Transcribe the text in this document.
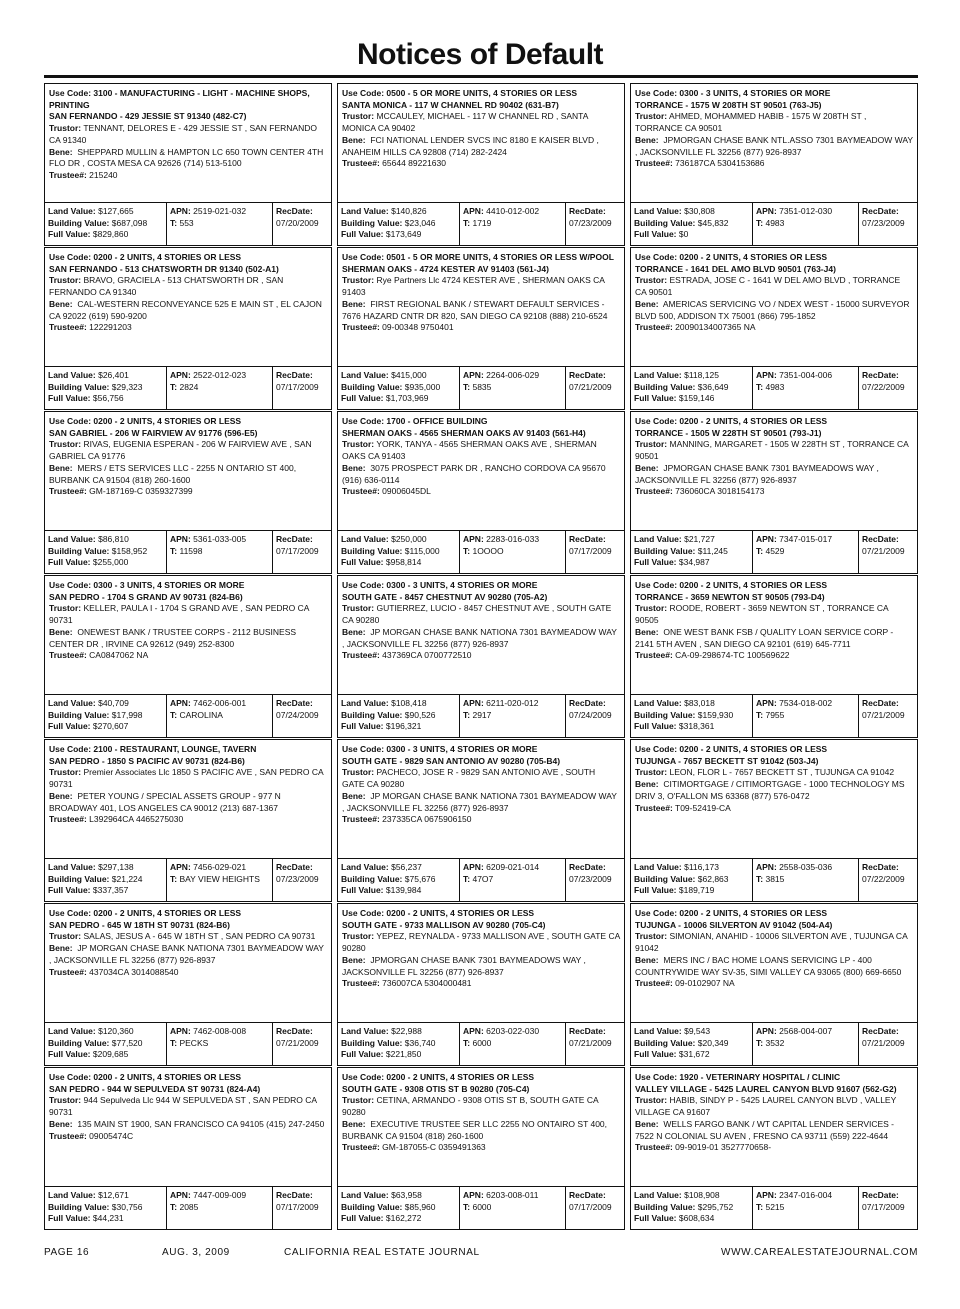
Notices of Default
Use Code: 3100 - MANUFACTURING - LIGHT - MACHINE SHOPS, PRINTING
SAN FERNANDO - 429 JESSIE ST 91340 (482-C7)
Trustor: TENNANT, DELORES E - 429 JESSIE ST , SAN FERNANDO CA 91340
Bene: SHEPPARD MULLIN & HAMPTON LC 650 TOWN CENTER 4TH FLO DR , COSTA MESA CA 92626 (714) 513-5100
Trustee#: 215240
Land Value: $127,665
Building Value: $687,098
Full Value: $829,860
APN: 2519-021-032
T: 553
RecDate:
07/20/2009
Use Code: 0500 - 5 OR MORE UNITS, 4 STORIES OR LESS
SANTA MONICA - 117 W CHANNEL RD 90402 (631-B7)
Trustor: MCCAULEY, MICHAEL - 117 W CHANNEL RD , SANTA MONICA CA 90402
Bene: FCI NATIONAL LENDER SVCS INC 8180 E KAISER BLVD , ANAHEIM HILLS CA 92808 (714) 282-2424
Trustee#: 65644 89221630
Land Value: $140,826
Building Value: $23,046
Full Value: $173,649
APN: 4410-012-002
T: 1719
RecDate:
07/23/2009
Use Code: 0300 - 3 UNITS, 4 STORIES OR MORE
TORRANCE - 1575 W 208TH ST 90501 (763-J5)
Trustor: AHMED, MOHAMMED HABIB - 1575 W 208TH ST , TORRANCE CA 90501
Bene: JPMORGAN CHASE BANK NTL.ASSO 7301 BAYMEADOW WAY , JACKSONVILLE FL 32256 (877) 926-8937
Trustee#: 736187CA 5304153686
Land Value: $30,808
Building Value: $45,832
Full Value: $0
APN: 7351-012-030
T: 4983
RecDate:
07/23/2009
Use Code: 0200 - 2 UNITS, 4 STORIES OR LESS
SAN FERNANDO - 513 CHATSWORTH DR 91340 (502-A1)
Trustor: BRAVO, GRACIELA - 513 CHATSWORTH DR , SAN FERNANDO CA 91340
Bene: CAL-WESTERN RECONVEYANCE 525 E MAIN ST , EL CAJON CA 92022 (619) 590-9200
Trustee#: 122291203
Land Value: $26,401
Building Value: $29,323
Full Value: $56,756
APN: 2522-012-023
T: 2824
RecDate:
07/17/2009
Use Code: 0501 - 5 OR MORE UNITS, 4 STORIES OR LESS W/POOL
SHERMAN OAKS - 4724 KESTER AV 91403 (561-J4)
Trustor: Rye Partners Llc 4724 KESTER AVE , SHERMAN OAKS CA 91403
Bene: FIRST REGIONAL BANK / STEWART DEFAULT SERVICES - 7676 HAZARD CNTR DR 820, SAN DIEGO CA 92108 (888) 210-6524
Trustee#: 09-00348 9750401
Land Value: $415,000
Building Value: $935,000
Full Value: $1,703,969
APN: 2264-006-029
T: 5835
RecDate:
07/21/2009
Use Code: 0200 - 2 UNITS, 4 STORIES OR LESS
TORRANCE - 1641 DEL AMO BLVD 90501 (763-J4)
Trustor: ESTRADA, JOSE C - 1641 W DEL AMO BLVD , TORRANCE CA 90501
Bene: AMERICAS SERVICING VO / NDEX WEST - 15000 SURVEYOR BLVD 500, ADDISON TX 75001 (866) 795-1852
Trustee#: 20090134007365 NA
Land Value: $118,125
Building Value: $36,649
Full Value: $159,146
APN: 7351-004-006
T: 4983
RecDate:
07/22/2009
Use Code: 0200 - 2 UNITS, 4 STORIES OR LESS
SAN GABRIEL - 206 W FAIRVIEW AV 91776 (596-E5)
Trustor: RIVAS, EUGENIA ESPERAN - 206 W FAIRVIEW AVE , SAN GABRIEL CA 91776
Bene: MERS / ETS SERVICES LLC - 2255 N ONTARIO ST 400, BURBANK CA 91504 (818) 260-1600
Trustee#: GM-187169-C 0359327399
Land Value: $86,810
Building Value: $158,952
Full Value: $255,000
APN: 5361-033-005
T: 11598
RecDate:
07/17/2009
Use Code: 1700 - OFFICE BUILDING
SHERMAN OAKS - 4565 SHERMAN OAKS AV 91403 (561-H4)
Trustor: YORK, TANYA - 4565 SHERMAN OAKS AVE , SHERMAN OAKS CA 91403
Bene: 3075 PROSPECT PARK DR , RANCHO CORDOVA CA 95670 (916) 636-0114
Trustee#: 09006045DL
Land Value: $250,000
Building Value: $115,000
Full Value: $958,814
APN: 2283-016-033
T: 1OOOO
RecDate:
07/17/2009
Use Code: 0200 - 2 UNITS, 4 STORIES OR LESS
TORRANCE - 1505 W 228TH ST 90501 (793-J1)
Trustor: MANNING, MARGARET - 1505 W 228TH ST , TORRANCE CA 90501
Bene: JPMORGAN CHASE BANK 7301 BAYMEADOWS WAY , JACKSONVILLE FL 32256 (877) 926-8937
Trustee#: 736060CA 3018154173
Land Value: $21,727
Building Value: $11,245
Full Value: $34,987
APN: 7347-015-017
T: 4529
RecDate:
07/21/2009
Use Code: 0300 - 3 UNITS, 4 STORIES OR MORE
SAN PEDRO - 1704 S GRAND AV 90731 (824-B6)
Trustor: KELLER, PAULA I - 1704 S GRAND AVE , SAN PEDRO CA 90731
Bene: ONEWEST BANK / TRUSTEE CORPS - 2112 BUSINESS CENTER DR , IRVINE CA 92612 (949) 252-8300
Trustee#: CA0847062 NA
Land Value: $40,709
Building Value: $17,998
Full Value: $270,607
APN: 7462-006-001
T: CAROLINA
RecDate:
07/24/2009
Use Code: 0300 - 3 UNITS, 4 STORIES OR MORE
SOUTH GATE - 8457 CHESTNUT AV 90280 (705-A2)
Trustor: GUTIERREZ, LUCIO - 8457 CHESTNUT AVE , SOUTH GATE CA 90280
Bene: JP MORGAN CHASE BANK NATIONA 7301 BAYMEADOW WAY , JACKSONVILLE FL 32256 (877) 926-8937
Trustee#: 437369CA 0700772510
Land Value: $108,418
Building Value: $90,526
Full Value: $196,321
APN: 6211-020-012
T: 2917
RecDate:
07/24/2009
Use Code: 0200 - 2 UNITS, 4 STORIES OR LESS
TORRANCE - 3659 NEWTON ST 90505 (793-D4)
Trustor: ROODE, ROBERT - 3659 NEWTON ST , TORRANCE CA 90505
Bene: ONE WEST BANK FSB / QUALITY LOAN SERVICE CORP - 2141 5TH AVEN , SAN DIEGO CA 92101 (619) 645-7711
Trustee#: CA-09-298674-TC 100569622
Land Value: $83,018
Building Value: $159,930
Full Value: $318,361
APN: 7534-018-002
T: 7955
RecDate:
07/21/2009
Use Code: 2100 - RESTAURANT, LOUNGE, TAVERN
SAN PEDRO - 1850 S PACIFIC AV 90731 (824-B6)
Trustor: Premier Associates Llc 1850 S PACIFIC AVE , SAN PEDRO CA 90731
Bene: PETER YOUNG / SPECIAL ASSETS GROUP - 977 N BROADWAY 401, LOS ANGELES CA 90012 (213) 687-1367
Trustee#: L392964CA 4465275030
Land Value: $297,138
Building Value: $21,224
Full Value: $337,357
APN: 7456-029-021
T: BAY VIEW HEIGHTS
RecDate:
07/23/2009
Use Code: 0300 - 3 UNITS, 4 STORIES OR MORE
SOUTH GATE - 9829 SAN ANTONIO AV 90280 (705-B4)
Trustor: PACHECO, JOSE R - 9829 SAN ANTONIO AVE , SOUTH GATE CA 90280
Bene: JP MORGAN CHASE BANK NATIONA 7301 BAYMEADOW WAY , JACKSONVILLE FL 32256 (877) 926-8937
Trustee#: 237335CA 0675906150
Land Value: $56,237
Building Value: $75,676
Full Value: $139,984
APN: 6209-021-014
T: 47O7
RecDate:
07/23/2009
Use Code: 0200 - 2 UNITS, 4 STORIES OR LESS
TUJUNGA - 7657 BECKETT ST 91042 (503-J4)
Trustor: LEON, FLOR L - 7657 BECKETT ST , TUJUNGA CA 91042
Bene: CITIMORTGAGE / CITIMORTGAGE - 1000 TECHNOLOGY MS DRIV 3, O'FALLON MS 63368 (877) 576-0472
Trustee#: T09-52419-CA
Land Value: $116,173
Building Value: $62,863
Full Value: $189,719
APN: 2558-035-036
T: 3815
RecDate:
07/22/2009
Use Code: 0200 - 2 UNITS, 4 STORIES OR LESS
SAN PEDRO - 645 W 18TH ST 90731 (824-B6)
Trustor: SALAS, JESUS A - 645 W 18TH ST , SAN PEDRO CA 90731
Bene: JP MORGAN CHASE BANK NATIONA 7301 BAYMEADOW WAY , JACKSONVILLE FL 32256 (877) 926-8937
Trustee#: 437034CA 3014088540
Land Value: $120,360
Building Value: $77,520
Full Value: $209,685
APN: 7462-008-008
T: PECKS
RecDate:
07/21/2009
Use Code: 0200 - 2 UNITS, 4 STORIES OR LESS
SOUTH GATE - 9733 MALLISON AV 90280 (705-C4)
Trustor: YEPEZ, REYNALDA - 9733 MALLISON AVE , SOUTH GATE CA 90280
Bene: JPMORGAN CHASE BANK 7301 BAYMEADOWS WAY , JACKSONVILLE FL 32256 (877) 926-8937
Trustee#: 736007CA 5304000481
Land Value: $22,988
Building Value: $36,740
Full Value: $221,850
APN: 6203-022-030
T: 6000
RecDate:
07/21/2009
Use Code: 0200 - 2 UNITS, 4 STORIES OR LESS
TUJUNGA - 10006 SILVERTON AV 91042 (504-A4)
Trustor: SIMONIAN, ANAHID - 10006 SILVERTON AVE , TUJUNGA CA 91042
Bene: MERS INC / BAC HOME LOANS SERVICING LP - 400 COUNTRYWIDE WAY SV-35, SIMI VALLEY CA 93065 (800) 669-6650
Trustee#: 09-0102907 NA
Land Value: $9,543
Building Value: $20,349
Full Value: $31,672
APN: 2568-004-007
T: 3532
RecDate:
07/21/2009
Use Code: 0200 - 2 UNITS, 4 STORIES OR LESS
SAN PEDRO - 944 W SEPULVEDA ST 90731 (824-A4)
Trustor: 944 Sepulveda Llc 944 W SEPULVEDA ST , SAN PEDRO CA 90731
Bene: 135 MAIN ST 1900, SAN FRANCISCO CA 94105 (415) 247-2450
Trustee#: 09005474C
Land Value: $12,671
Building Value: $30,756
Full Value: $44,231
APN: 7447-009-009
T: 2085
RecDate:
07/17/2009
Use Code: 0200 - 2 UNITS, 4 STORIES OR LESS
SOUTH GATE - 9308 OTIS ST B 90280 (705-C4)
Trustor: CETINA, ARMANDO - 9308 OTIS ST B, SOUTH GATE CA 90280
Bene: EXECUTIVE TRUSTEE SER LLC 2255 NO ONTAIRO ST 400, BURBANK CA 91504 (818) 260-1600
Trustee#: GM-187055-C 0359491363
Land Value: $63,958
Building Value: $85,960
Full Value: $162,272
APN: 6203-008-011
T: 6000
RecDate:
07/17/2009
Use Code: 1920 - VETERINARY HOSPITAL / CLINIC
VALLEY VILLAGE - 5425 LAUREL CANYON BLVD 91607 (562-G2)
Trustor: HABIB, SINDY P - 5425 LAUREL CANYON BLVD , VALLEY VILLAGE CA 91607
Bene: WELLS FARGO BANK / WT CAPITAL LENDER SERVICES - 7522 N COLONIAL SU AVEN , FRESNO CA 93711 (559) 222-4644
Trustee#: 09-9019-01 3527770658-
Land Value: $108,908
Building Value: $295,752
Full Value: $608,634
APN: 2347-016-004
T: 5215
RecDate:
07/17/2009
PAGE 16	AUG. 3, 2009	CALIFORNIA REAL ESTATE JOURNAL	WWW.CAREALESTATEJOURNAL.COM
